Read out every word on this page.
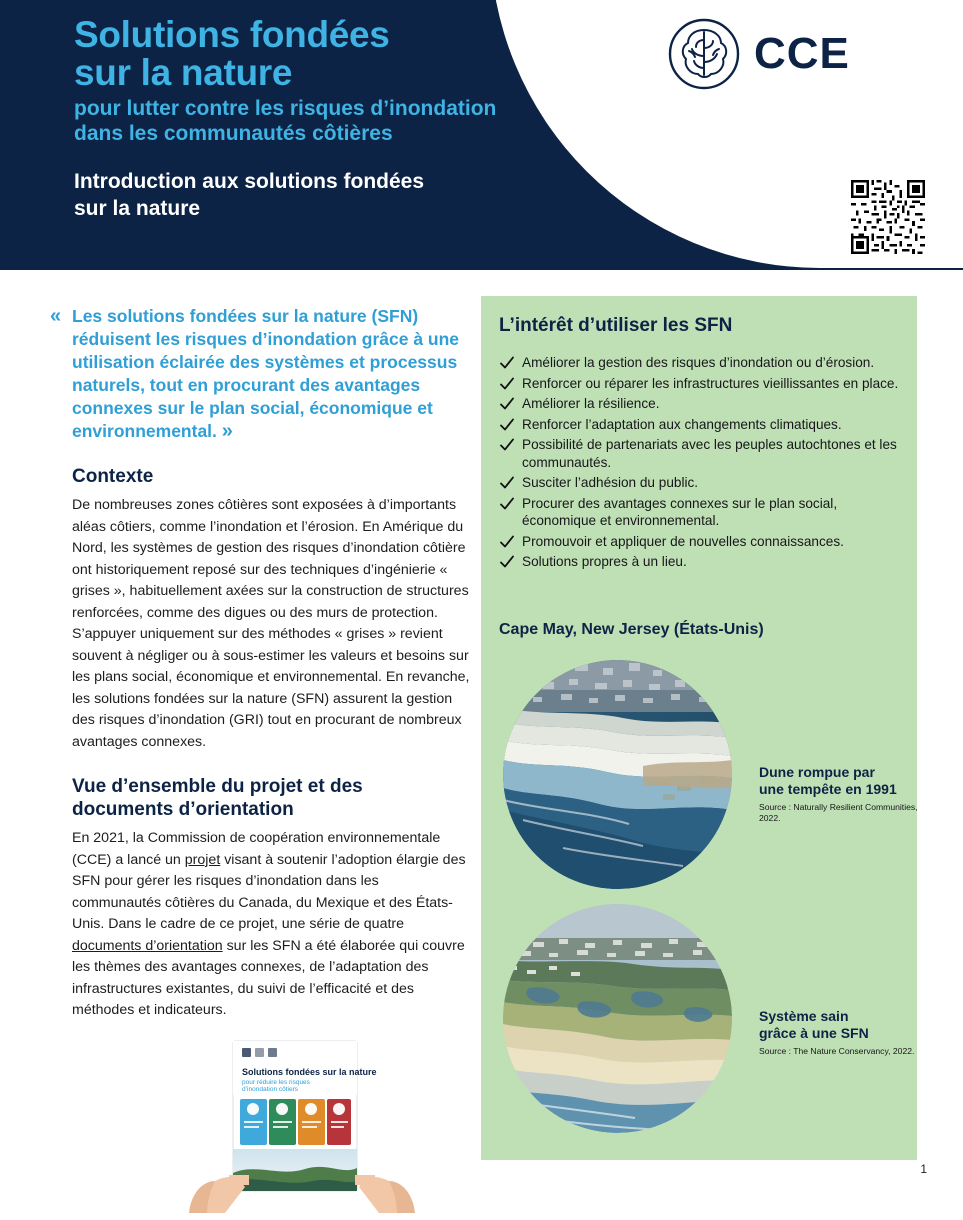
Solutions fondées
sur la nature
pour lutter contre les risques d’inondation
dans les communautés côtières
Introduction aux solutions fondées
sur la nature
CCE
« Les solutions fondées sur la nature (SFN) réduisent les risques d’inondation grâce à une utilisation éclairée des systèmes et processus naturels, tout en procurant des avantages connexes sur le plan social, économique et environnemental. »
Contexte

De nombreuses zones côtières sont exposées à d’importants aléas côtiers, comme l’inondation et l’érosion. En Amérique du Nord, les systèmes de gestion des risques d’inondation côtière ont historiquement reposé sur des techniques d’ingénierie « grises », habituellement axées sur la construction de structures renforcées, comme des digues ou des murs de protection. S’appuyer uniquement sur des méthodes « grises » revient souvent à négliger ou à sous-estimer les valeurs et besoins sur les plans social, économique et environnemental. En revanche, les solutions fondées sur la nature (SFN) assurent la gestion des risques d’inondation (GRI) tout en procurant de nombreux avantages connexes.

Vue d’ensemble du projet et des
documents d’orientation

En 2021, la Commission de coopération environnementale (CCE) a lancé un projet visant à soutenir l’adoption élargie des SFN pour gérer les risques d’inondation dans les communautés côtières du Canada, du Mexique et des États-Unis. Dans le cadre de ce projet, une série de quatre documents d’orientation sur les SFN a été élaborée qui couvre les thèmes des avantages connexes, de l’adaptation des infrastructures existantes, du suivi de l’efficacité et des méthodes et indicateurs.

Solutions fondées sur la nature
pour réduire les risques
d’inondation côtiers
L’intérêt d’utiliser les SFN
Améliorer la gestion des risques d’inondation ou d’érosion.
Renforcer ou réparer les infrastructures vieillissantes en place.
Améliorer la résilience.
Renforcer l’adaptation aux changements climatiques.
Possibilité de partenariats avec les peuples autochtones et les communautés.
Susciter l’adhésion du public.
Procurer des avantages connexes sur le plan social, économique et environnemental.
Promouvoir et appliquer de nouvelles connaissances.
Solutions propres à un lieu.
Cape May, New Jersey (États-Unis)
Dune rompue par
une tempête en 1991
Source : Naturally Resilient Communities, 2022.
Système sain
grâce à une SFN
Source : The Nature Conservancy, 2022.
1
